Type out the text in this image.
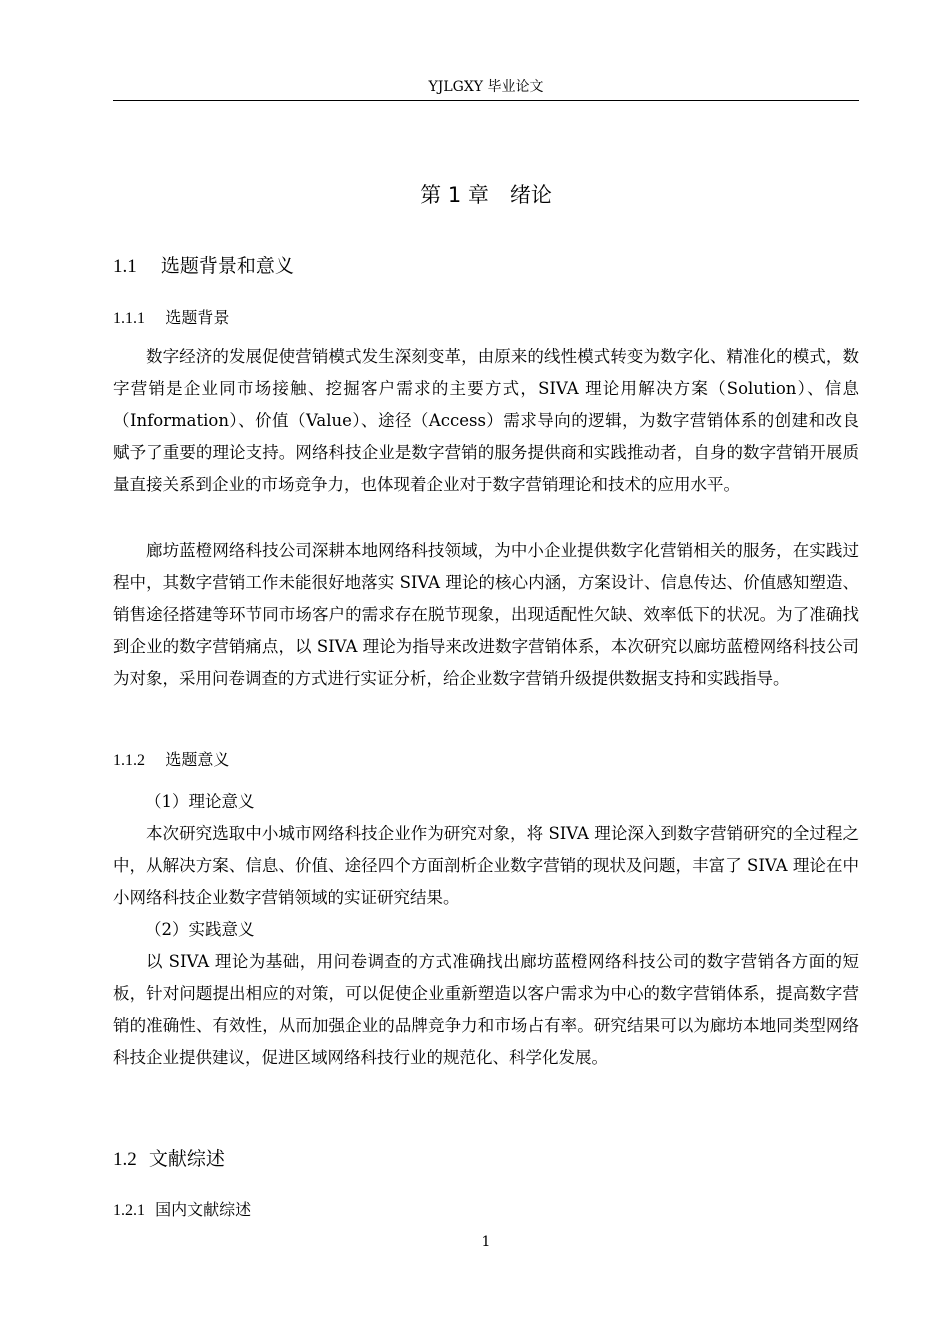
YJLGXY 毕业论文
第 1 章　绪论
1.1 选题背景和意义
1.1.1 选题背景

数字经济的发展促使营销模式发生深刻变革，由原来的线性模式转变为数字化、精准化的模式，数字营销是企业同市场接触、挖掘客户需求的主要方式，SIVA 理论用解决方案（Solution）、信息（Information）、价值（Value）、途径（Access）需求导向的逻辑，为数字营销体系的创建和改良赋予了重要的理论支持。网络科技企业是数字营销的服务提供商和实践推动者，自身的数字营销开展质量直接关系到企业的市场竞争力，也体现着企业对于数字营销理论和技术的应用水平。

廊坊蓝橙网络科技公司深耕本地网络科技领域，为中小企业提供数字化营销相关的服务，在实践过程中，其数字营销工作未能很好地落实 SIVA 理论的核心内涵，方案设计、信息传达、价值感知塑造、销售途径搭建等环节同市场客户的需求存在脱节现象，出现适配性欠缺、效率低下的状况。为了准确找到企业的数字营销痛点，以 SIVA 理论为指导来改进数字营销体系，本次研究以廊坊蓝橙网络科技公司为对象，采用问卷调查的方式进行实证分析，给企业数字营销升级提供数据支持和实践指导。

1.1.2 选题意义
（1）理论意义

本次研究选取中小城市网络科技企业作为研究对象，将 SIVA 理论深入到数字营销研究的全过程之中，从解决方案、信息、价值、途径四个方面剖析企业数字营销的现状及问题，丰富了 SIVA 理论在中小网络科技企业数字营销领域的实证研究结果。

（2）实践意义

以 SIVA 理论为基础，用问卷调查的方式准确找出廊坊蓝橙网络科技公司的数字营销各方面的短板，针对问题提出相应的对策，可以促使企业重新塑造以客户需求为中心的数字营销体系，提高数字营销的准确性、有效性，从而加强企业的品牌竞争力和市场占有率。研究结果可以为廊坊本地同类型网络科技企业提供建议，促进区域网络科技行业的规范化、科学化发展。

1.2 文献综述
1.2.1 国内文献综述
1
